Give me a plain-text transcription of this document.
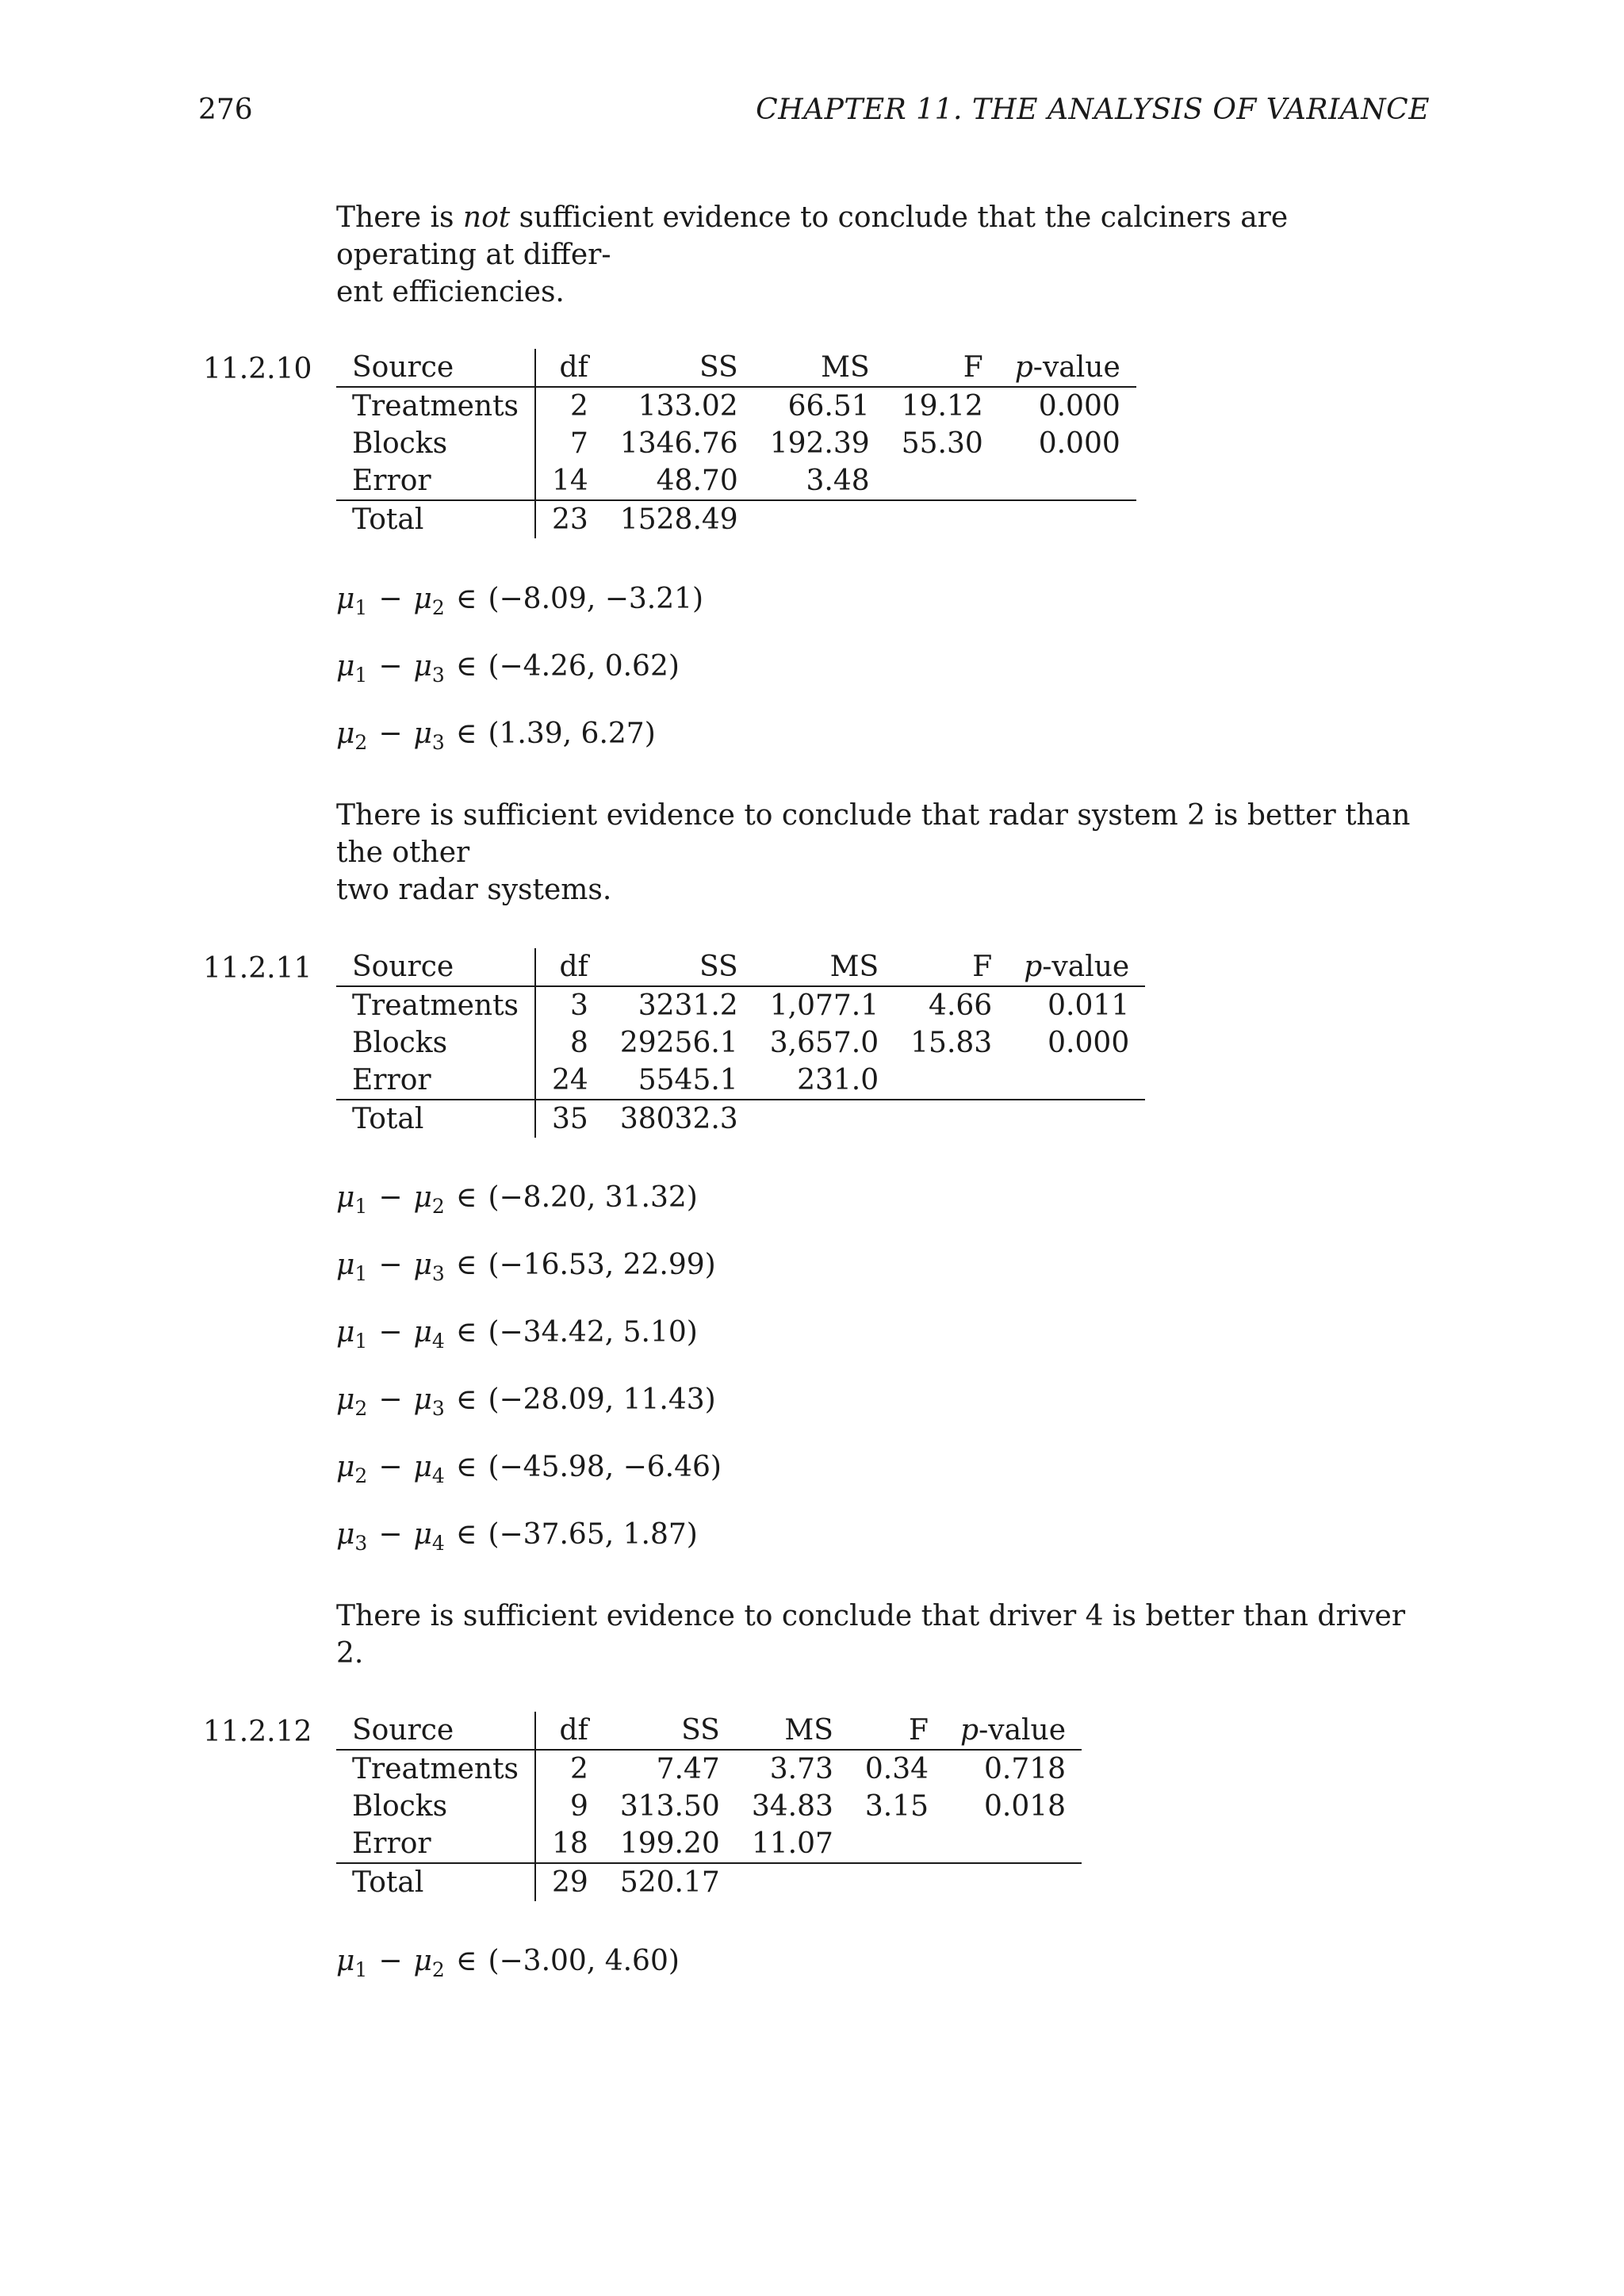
276	CHAPTER 11. THE ANALYSIS OF VARIANCE
There is not sufficient evidence to conclude that the calciners are operating at differ-
ent efficiencies.
11.2.10 Source	df	SS	MS	F	p-value
Treatments	2	133.02	66.51	19.12	0.000
Blocks	7	1346.76	192.39	55.30	0.000
Error	14	48.70	3.48		
Total	23	1528.49			
$\mu_1 - \mu_2$ ∈ (−8.09, −3.21)
$\mu_1 - \mu_3$ ∈ (−4.26, 0.62)
$\mu_2 - \mu_3$ ∈ (1.39, 6.27)
There is sufficient evidence to conclude that radar system 2 is better than the other
two radar systems.
11.2.11 Source	df	SS	MS	F	p-value
Treatments	3	3231.2	1,077.1	4.66	0.011
Blocks	8	29256.1	3,657.0	15.83	0.000
Error	24	5545.1	231.0		
Total	35	38032.3			
$\mu_1 - \mu_2$ ∈ (−8.20, 31.32)
$\mu_1 - \mu_3$ ∈ (−16.53, 22.99)
$\mu_1 - \mu_4$ ∈ (−34.42, 5.10)
$\mu_2 - \mu_3$ ∈ (−28.09, 11.43)
$\mu_2 - \mu_4$ ∈ (−45.98, −6.46)
$\mu_3 - \mu_4$ ∈ (−37.65, 1.87)
There is sufficient evidence to conclude that driver 4 is better than driver 2.
11.2.12 Source	df	SS	MS	F	p-value
Treatments	2	7.47	3.73	0.34	0.718
Blocks	9	313.50	34.83	3.15	0.018
Error	18	199.20	11.07		
Total	29	520.17			
$\mu_1 - \mu_2$ ∈ (−3.00, 4.60)
